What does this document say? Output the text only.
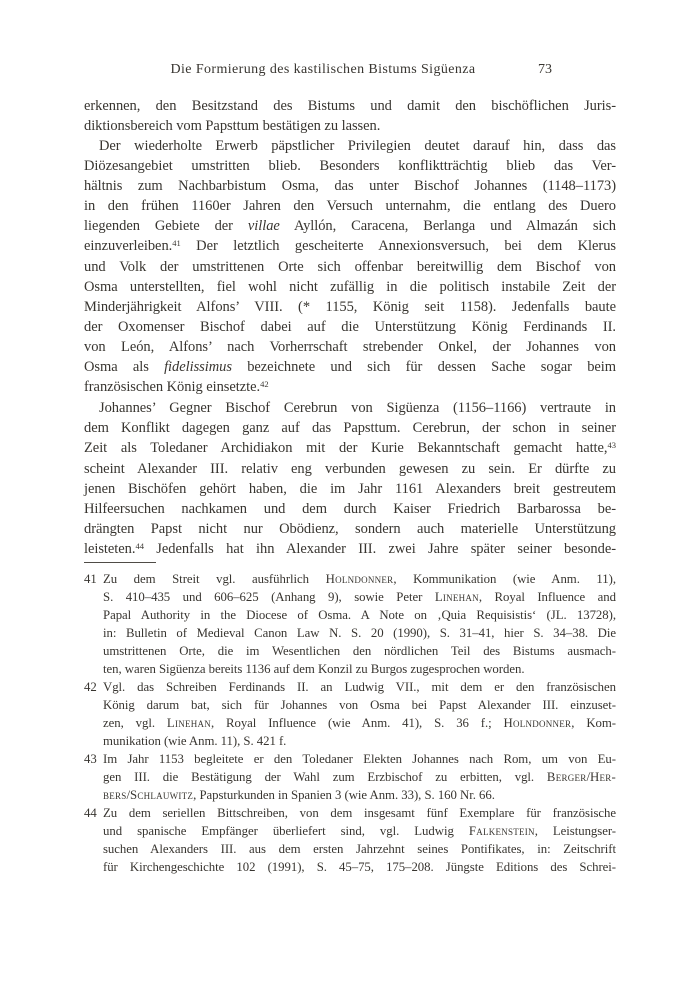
Die Formierung des kastilischen Bistums Sigüenza	73
erkennen, den Besitzstand des Bistums und damit den bischöflichen Juris-
diktionsbereich vom Papsttum bestätigen zu lassen.
Der wiederholte Erwerb päpstlicher Privilegien deutet darauf hin, dass das
Diözesangebiet umstritten blieb. Besonders konfliktträchtig blieb das Ver-
hältnis zum Nachbarbistum Osma, das unter Bischof Johannes (1148–1173)
in den frühen 1160er Jahren den Versuch unternahm, die entlang des Duero
liegenden Gebiete der villae Ayllón, Caracena, Berlanga und Almazán sich
einzuverleiben.$^{41}$ Der letztlich gescheiterte Annexionsversuch, bei dem Klerus
und Volk der umstrittenen Orte sich offenbar bereitwillig dem Bischof von
Osma unterstellten, fiel wohl nicht zufällig in die politisch instabile Zeit der
Minderjährigkeit Alfons’ VIII. (* 1155, König seit 1158). Jedenfalls baute
der Oxomenser Bischof dabei auf die Unterstützung König Ferdinands II.
von León, Alfons’ nach Vorherrschaft strebender Onkel, der Johannes von
Osma als fidelissimus bezeichnete und sich für dessen Sache sogar beim
französischen König einsetzte.$^{42}$
Johannes’ Gegner Bischof Cerebrun von Sigüenza (1156–1166) vertraute in
dem Konflikt dagegen ganz auf das Papsttum. Cerebrun, der schon in seiner
Zeit als Toledaner Archidiakon mit der Kurie Bekanntschaft gemacht hatte,$^{43}$
scheint Alexander III. relativ eng verbunden gewesen zu sein. Er dürfte zu
jenen Bischöfen gehört haben, die im Jahr 1161 Alexanders breit gestreutem
Hilfeersuchen nachkamen und dem durch Kaiser Friedrich Barbarossa be-
drängten Papst nicht nur Obödienz, sondern auch materielle Unterstützung
leisteten.$^{44}$ Jedenfalls hat ihn Alexander III. zwei Jahre später seiner besonde-
41 Zu dem Streit vgl. ausführlich Holndonner, Kommunikation (wie Anm. 11),
S. 410–435 und 606–625 (Anhang 9), sowie Peter Linehan, Royal Influence and
Papal Authority in the Diocese of Osma. A Note on ‚Quia Requisistis‘ (JL. 13728),
in: Bulletin of Medieval Canon Law N. S. 20 (1990), S. 31–41, hier S. 34–38. Die
umstrittenen Orte, die im Wesentlichen den nördlichen Teil des Bistums ausmach-
ten, waren Sigüenza bereits 1136 auf dem Konzil zu Burgos zugesprochen worden.
42 Vgl. das Schreiben Ferdinands II. an Ludwig VII., mit dem er den französischen
König darum bat, sich für Johannes von Osma bei Papst Alexander III. einzuset-
zen, vgl. Linehan, Royal Influence (wie Anm. 41), S. 36 f.; Holndonner, Kom-
munikation (wie Anm. 11), S. 421 f.
43 Im Jahr 1153 begleitete er den Toledaner Elekten Johannes nach Rom, um von Eu-
gen III. die Bestätigung der Wahl zum Erzbischof zu erbitten, vgl. Berger/Her-
bers/Schlauwitz, Papsturkunden in Spanien 3 (wie Anm. 33), S. 160 Nr. 66.
44 Zu dem seriellen Bittschreiben, von dem insgesamt fünf Exemplare für französische
und spanische Empfänger überliefert sind, vgl. Ludwig Falkenstein, Leistungser-
suchen Alexanders III. aus dem ersten Jahrzehnt seines Pontifikates, in: Zeitschrift
für Kirchengeschichte 102 (1991), S. 45–75, 175–208. Jüngste Editions des Schrei-
